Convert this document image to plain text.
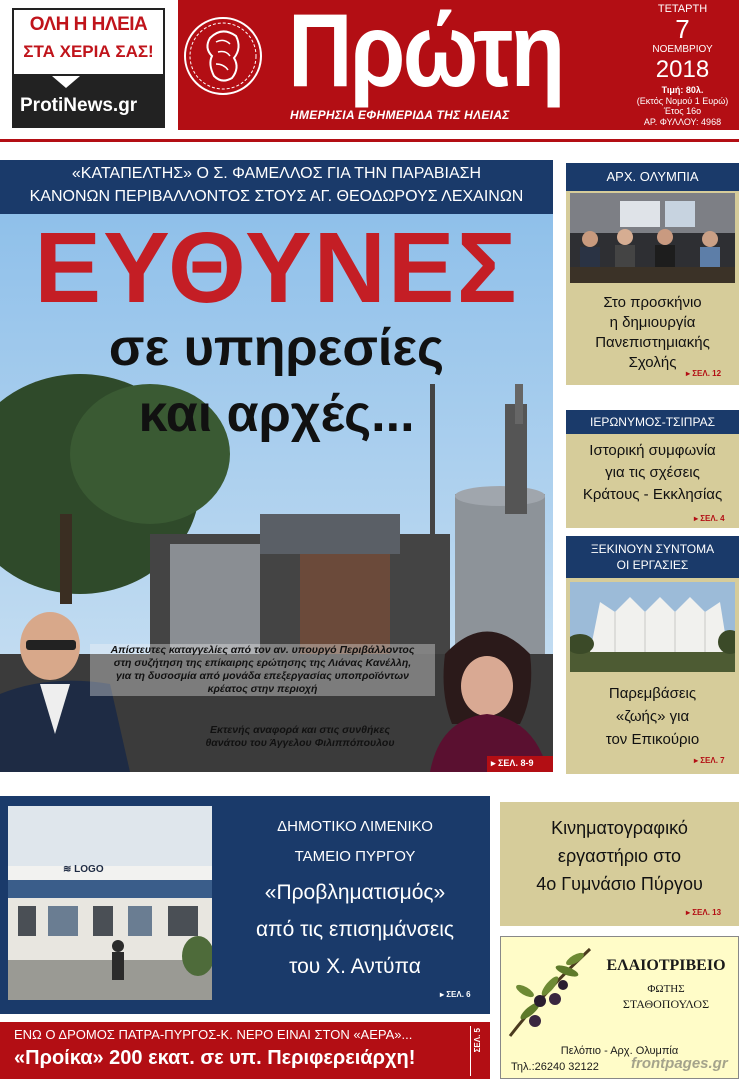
ΟΛΗ Η ΗΛΕΙΑ
ΣΤΑ ΧΕΡΙΑ ΣΑΣ!
ProtiNews.gr Πρώτη
ΗΜΕΡΗΣΙΑ ΕΦΗΜΕΡΙΔΑ ΤΗΣ ΗΛΕΙΑΣ
ΤΕΤΑΡΤΗ
7
ΝΟΕΜΒΡΙΟΥ
2018
Τιμή: 80λ.
(Εκτός Νομού 1 Ευρώ)
Έτος 16ο
ΑΡ. ΦΥΛΛΟΥ: 4968
«ΚΑΤΑΠΕΛΤΗΣ» Ο Σ. ΦΑΜΕΛΛΟΣ ΓΙΑ ΤΗΝ ΠΑΡΑΒΙΑΣΗ
ΚΑΝΟΝΩΝ ΠΕΡΙΒΑΛΛΟΝΤΟΣ ΣΤΟΥΣ ΑΓ. ΘΕΟΔΩΡΟΥΣ ΛΕΧΑΙΝΩΝ
ΕΥΘΥΝΕΣ
σε υπηρεσίες
και αρχές...
Απίστευτες καταγγελίες από τον αν. υπουργό Περιβάλλοντος
στη συζήτηση της επίκαιρης ερώτησης της Λιάνας Κανέλλη,
για τη δυσοσμία από μονάδα επεξεργασίας υποπροϊόντων
κρέατος στην περιοχή
Εκτενής αναφορά και στις συνθήκες
θανάτου του Άγγελου Φιλιππόπουλου
▸ ΣΕΛ. 8-9
ΑΡΧ. ΟΛΥΜΠΙΑ
Στο προσκήνιο
η δημιουργία
Πανεπιστημιακής
Σχολής
▸ ΣΕΛ. 12
ΙΕΡΩΝΥΜΟΣ-ΤΣΙΠΡΑΣ
Ιστορική συμφωνία
για τις σχέσεις
Κράτους - Εκκλησίας
▸ ΣΕΛ. 4
ΞΕΚΙΝΟΥΝ ΣΥΝΤΟΜΑ
ΟΙ ΕΡΓΑΣΙΕΣ
Παρεμβάσεις
«ζωής» για
τον Επικούριο
▸ ΣΕΛ. 7
≋ LOGO
ΔΗΜΟΤΙΚΟ ΛΙΜΕΝΙΚΟ
ΤΑΜΕΙΟ ΠΥΡΓΟΥ
«Προβληματισμός»
από τις επισημάνσεις
του Χ. Αντύπα
▸ ΣΕΛ. 6
Κινηματογραφικό
εργαστήριο στο
4ο Γυμνάσιο Πύργου
▸ ΣΕΛ. 13
ΕΛΑΙΟΤΡΙΒΕΙΟ
ΦΩΤΗΣ
ΣΤΑΘΟΠΟΥΛΟΣ
Πελόπιο - Αρχ. Ολυμπία
Τηλ.:26240 32122 frontpages.gr
ΕΝΩ Ο ΔΡΟΜΟΣ ΠΑΤΡΑ-ΠΥΡΓΟΣ-Κ. ΝΕΡΟ ΕΙΝΑΙ ΣΤΟΝ «ΑΕΡΑ»...
«Προίκα» 200 εκατ. σε υπ. Περιφερειάρχη!
ΣΕΛ. 5
